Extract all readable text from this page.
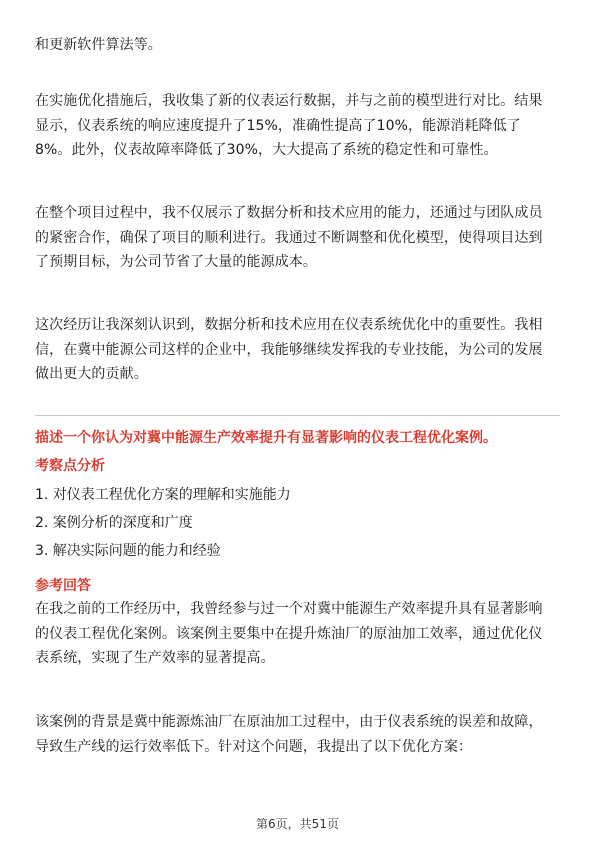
和更新软件算法等。
在实施优化措施后，我收集了新的仪表运行数据，并与之前的模型进行对比。结果
显示，仪表系统的响应速度提升了15%，准确性提高了10%，能源消耗降低了
8%。此外，仪表故障率降低了30%，大大提高了系统的稳定性和可靠性。
在整个项目过程中，我不仅展示了数据分析和技术应用的能力，还通过与团队成员
的紧密合作，确保了项目的顺利进行。我通过不断调整和优化模型，使得项目达到
了预期目标，为公司节省了大量的能源成本。
这次经历让我深刻认识到，数据分析和技术应用在仪表系统优化中的重要性。我相
信，在冀中能源公司这样的企业中，我能够继续发挥我的专业技能，为公司的发展
做出更大的贡献。

描述一个你认为对冀中能源生产效率提升有显著影响的仪表工程优化案例。

考察点分析

1. 对仪表工程优化方案的理解和实施能力

2. 案例分析的深度和广度

3. 解决实际问题的能力和经验

参考回答

在我之前的工作经历中，我曾经参与过一个对冀中能源生产效率提升具有显著影响
的仪表工程优化案例。该案例主要集中在提升炼油厂的原油加工效率，通过优化仪
表系统，实现了生产效率的显著提高。
该案例的背景是冀中能源炼油厂在原油加工过程中，由于仪表系统的误差和故障，
导致生产线的运行效率低下。针对这个问题，我提出了以下优化方案：
第6页，共51页
